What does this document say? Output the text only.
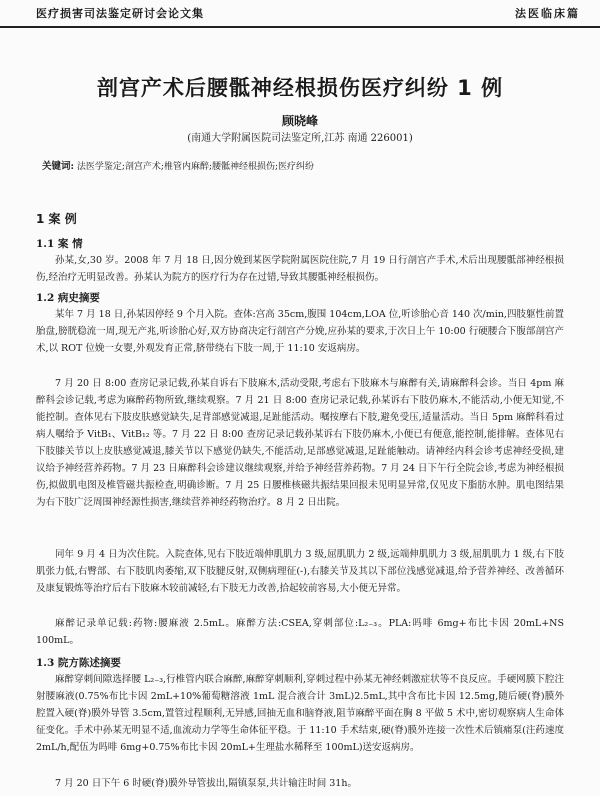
医疗损害司法鉴定研讨会论文集	法医临床篇
剖宫产术后腰骶神经根损伤医疗纠纷 1 例
顾晓峰
(南通大学附属医院司法鉴定所,江苏 南通 226001)
关键词: 法医学鉴定;剖宫产术;椎管内麻醉;腰骶神经根损伤;医疗纠纷
1 案 例
1.1 案 情

孙某,女,30 岁。2008 年 7 月 18 日,因分娩到某医学院附属医院住院,7 月 19 日行剖宫产手术,术后出现腰骶部神经根损伤,经治疗无明显改善。孙某认为院方的医疗行为存在过错,导致其腰骶神经根损伤。

1.2 病史摘要

某年 7 月 18 日,孙某因停经 9 个月入院。查体:宫高 35cm,腹围 104cm,LOA 位,听诊胎心音 140 次/min,四肢躯性前置胎盘,膀胱稳流一周,现无产兆,听诊胎心好,双方协商决定行剖宫产分娩,应孙某的要求,于次日上午 10:00 行硬腰合下腹部剖宫产术,以 ROT 位娩一女婴,外观发育正常,脐带绕右下肢一周,于 11:10 安返病房。

7 月 20 日 8:00 查房记录记载,孙某自诉右下肢麻木,活动受限,考虑右下肢麻木与麻醉有关,请麻醉科会诊。当日 4pm 麻醉科会诊记载,考虑为麻醉药物所致,继续观察。7 月 21 日 8:00 查房记录记载,孙某诉右下肢仍麻木,不能活动,小便无知觉,不能控制。查体见右下肢皮肤感觉缺失,足背部感觉减退,足趾能活动。嘱按摩右下肢,避免受压,适量活动。当日 5pm 麻醉科看过病人嘱给予 VitB₁、VitB₁₂ 等。7 月 22 日 8:00 查房记录记载孙某诉右下肢仍麻木,小便已有便意,能控制,能排解。查体见右下肢膝关节以上皮肤感觉减退,膝关节以下感觉仍缺失,不能活动,足部感觉减退,足趾能触动。请神经内科会诊考虑神经受损,建议给予神经营养药物。7 月 23 日麻醉科会诊建议继续观察,并给予神经营养药物。7 月 24 日下午行全院会诊,考虑为神经根损伤,拟做肌电图及椎管磁共振检查,明确诊断。7 月 25 日腰椎核磁共振结果回报未见明显异常,仅见皮下脂肪水肿。肌电图结果为右下肢广泛周围神经源性损害,继续营养神经药物治疗。8 月 2 日出院。

同年 9 月 4 日为次住院。入院查体,见右下肢近端伸肌肌力 3 级,屈肌肌力 2 级,远端伸肌肌力 3 级,屈肌肌力 1 级,右下肢肌张力低,右臀部、右下肢肌肉萎缩,双下肢腱反射,双侧病理征(-),右膝关节及其以下部位浅感觉减退,给予营养神经、改善循环及康复锻炼等治疗后右下肢麻木较前减轻,右下肢无力改善,拾起较前容易,大小便无异常。

麻醉记录单记载:药物:腰麻液 2.5mL。麻醉方法:CSEA,穿刺部位:L₂₋₃。PLA:吗啡 6mg+布比卡因 20mL+NS 100mL。

1.3 院方陈述摘要

麻醉穿刺间隙选择腰 L₂₋₃,行椎管内联合麻醉,麻醉穿刺顺利,穿刺过程中孙某无神经刺激症状等不良反应。手硬网膜下腔注射腰麻液(0.75%布比卡因 2mL+10%葡萄糖溶液 1mL 混合液合计 3mL)2.5mL,其中含布比卡因 12.5mg,随后硬(脊)膜外腔置入硬(脊)膜外导管 3.5cm,置管过程顺利,无异感,回抽无血和脑脊液,阻节麻醉平面在胸 8 平做 5 术中,密切观察病人生命体征变化。手术中孙某无明显不适,血流动力学等生命体征平稳。于 11:10 手术结束,硬(脊)膜外连接一次性术后镇痛泵(注药速度 2mL/h,配伍为吗啡 6mg+0.75%布比卡因 20mL+生理盐水稀释至 100mL)送安返病房。

7 月 20 日下午 6 时硬(脊)膜外导管拔出,隔镇泵泵,共计输注时间 31h。
